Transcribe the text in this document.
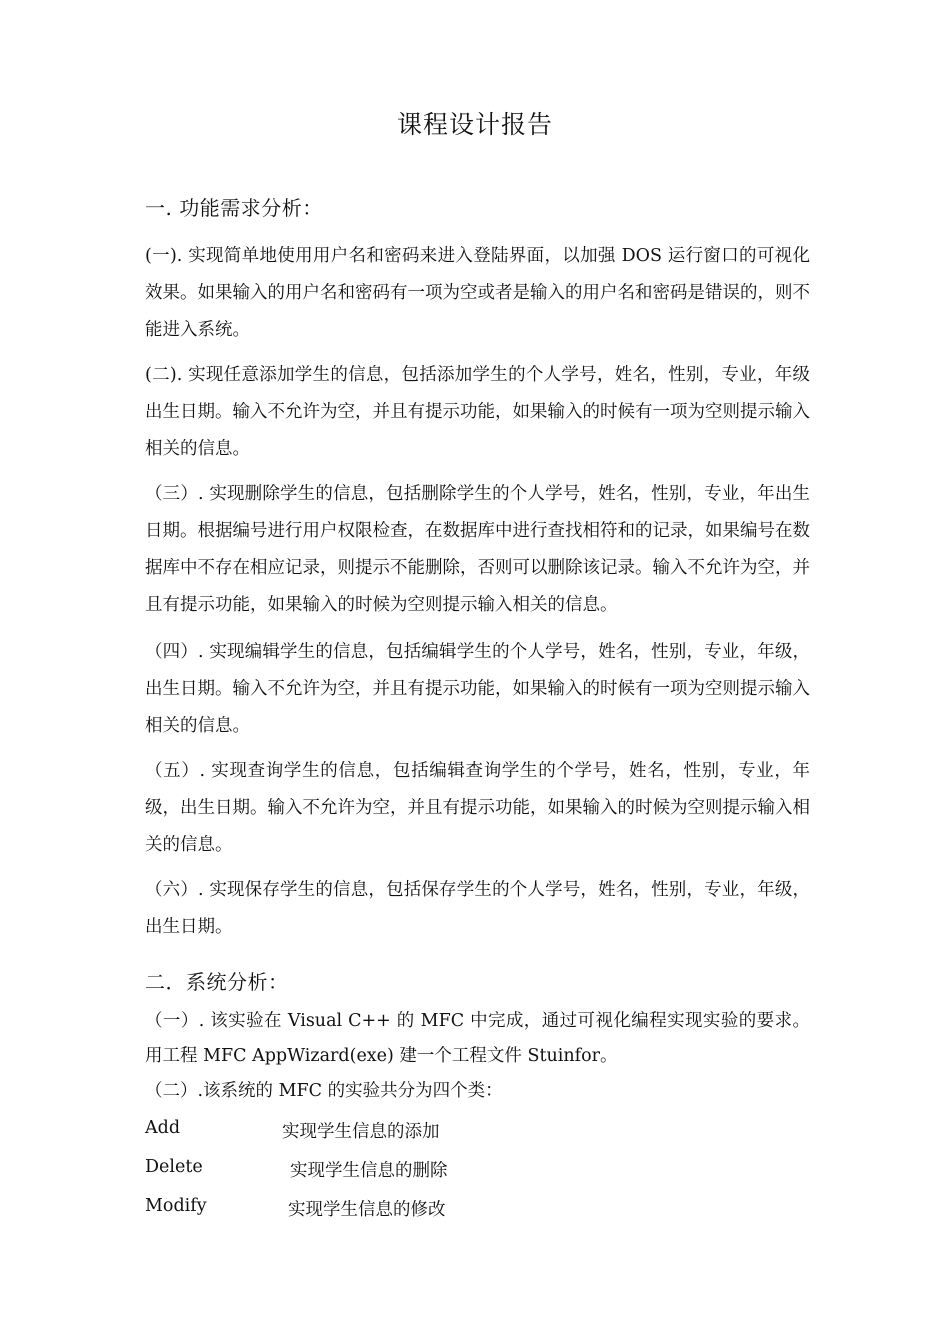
课程设计报告
一. 功能需求分析：
(一). 实现简单地使用用户名和密码来进入登陆界面，以加强 DOS 运行窗口的可视化效果。如果输入的用户名和密码有一项为空或者是输入的用户名和密码是错误的，则不能进入系统。
(二). 实现任意添加学生的信息，包括添加学生的个人学号，姓名，性别，专业，年级出生日期。输入不允许为空，并且有提示功能，如果输入的时候有一项为空则提示输入相关的信息。
（三）. 实现删除学生的信息，包括删除学生的个人学号，姓名，性别，专业，年出生日期。根据编号进行用户权限检查，在数据库中进行查找相符和的记录，如果编号在数据库中不存在相应记录，则提示不能删除，否则可以删除该记录。输入不允许为空，并且有提示功能，如果输入的时候为空则提示输入相关的信息。
（四）. 实现编辑学生的信息，包括编辑学生的个人学号，姓名，性别，专业，年级，出生日期。输入不允许为空，并且有提示功能，如果输入的时候有一项为空则提示输入相关的信息。
（五）. 实现查询学生的信息，包括编辑查询学生的个学号，姓名，性别，专业，年级，出生日期。输入不允许为空，并且有提示功能，如果输入的时候为空则提示输入相关的信息。
（六）. 实现保存学生的信息，包括保存学生的个人学号，姓名，性别，专业，年级，出生日期。
二．系统分析：
（一）. 该实验在 Visual C++ 的 MFC 中完成，通过可视化编程实现实验的要求。用工程 MFC AppWizard(exe) 建一个工程文件 Stuinfor。
（二）.该系统的 MFC 的实验共分为四个类：
Add	实现学生信息的添加
Delete	实现学生信息的删除
Modify	实现学生信息的修改
